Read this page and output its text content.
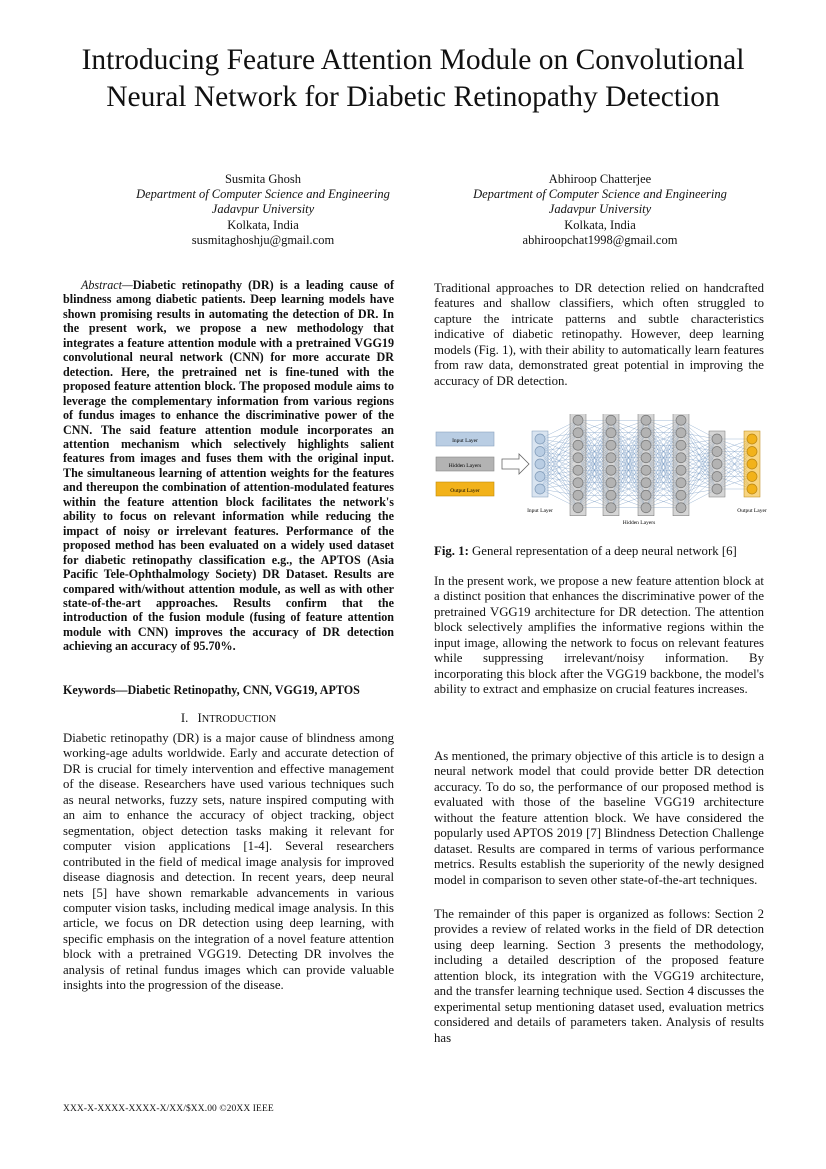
Introducing Feature Attention Module on Convolutional Neural Network for Diabetic Retinopathy Detection
Susmita Ghosh
Department of Computer Science and Engineering
Jadavpur University
Kolkata, India
susmitaghoshju@gmail.com
Abhiroop Chatterjee
Department of Computer Science and Engineering
Jadavpur University
Kolkata, India
abhiroopchat1998@gmail.com

Abstract—Diabetic retinopathy (DR) is a leading cause of blindness among diabetic patients. Deep learning models have shown promising results in automating the detection of DR. In the present work, we propose a new methodology that integrates a feature attention module with a pretrained VGG19 convolutional neural network (CNN) for more accurate DR detection. Here, the pretrained net is fine-tuned with the proposed feature attention block. The proposed module aims to leverage the complementary information from various regions of fundus images to enhance the discriminative power of the CNN. The said feature attention module incorporates an attention mechanism which selectively highlights salient features from images and fuses them with the original input. The simultaneous learning of attention weights for the features and thereupon the combination of attention-modulated features within the feature attention block facilitates the network's ability to focus on relevant information while reducing the impact of noisy or irrelevant features. Performance of the proposed method has been evaluated on a widely used dataset for diabetic retinopathy classification e.g., the APTOS (Asia Pacific Tele-Ophthalmology Society) DR Dataset. Results are compared with/without attention module, as well as with other state-of-the-art approaches. Results confirm that the introduction of the fusion module (fusing of feature attention module with CNN) improves the accuracy of DR detection achieving an accuracy of 95.70%.

Keywords—Diabetic Retinopathy, CNN, VGG19, APTOS
I. INTRODUCTION

Diabetic retinopathy (DR) is a major cause of blindness among working-age adults worldwide. Early and accurate detection of DR is crucial for timely intervention and effective management of the disease. Researchers have used various techniques such as neural networks, fuzzy sets, nature inspired computing with an aim to enhance the accuracy of object tracking, object segmentation, object detection tasks making it relevant for computer vision applications [1-4]. Several researchers contributed in the field of medical image analysis for improved disease diagnosis and detection. In recent years, deep neural nets [5] have shown remarkable advancements in various computer vision tasks, including medical image analysis. In this article, we focus on DR detection using deep learning, with specific emphasis on the integration of a novel feature attention block with a pretrained VGG19. Detecting DR involves the analysis of retinal fundus images which can provide valuable insights into the progression of the disease.

Traditional approaches to DR detection relied on handcrafted features and shallow classifiers, which often struggled to capture the intricate patterns and subtle characteristics indicative of diabetic retinopathy. However, deep learning models (Fig. 1), with their ability to automatically learn features from raw data, demonstrated great potential in improving the accuracy of DR detection.

Input Layer
Hidden Layers
Output Layer
Input Layer
Hidden Layers
Output Layer
Fig. 1: General representation of a deep neural network [6]

In the present work, we propose a new feature attention block at a distinct position that enhances the discriminative power of the pretrained VGG19 architecture for DR detection. The attention block selectively amplifies the informative regions within the input image, allowing the network to focus on relevant features while suppressing irrelevant/noisy information. By incorporating this block after the VGG19 backbone, the model's ability to extract and emphasize on crucial features increases.

As mentioned, the primary objective of this article is to design a neural network model that could provide better DR detection accuracy. To do so, the performance of our proposed method is evaluated with those of the baseline VGG19 architecture without the feature attention block. We have considered the popularly used APTOS 2019 [7] Blindness Detection Challenge dataset. Results are compared in terms of various performance metrics. Results establish the superiority of the newly designed model in comparison to seven other state-of-the-art techniques.

The remainder of this paper is organized as follows: Section 2 provides a review of related works in the field of DR detection using deep learning. Section 3 presents the methodology, including a detailed description of the proposed feature attention block, its integration with the VGG19 architecture, and the transfer learning technique used. Section 4 discusses the experimental setup mentioning dataset used, evaluation metrics considered and details of parameters taken. Analysis of results has

XXX-X-XXXX-XXXX-X/XX/$XX.00 ©20XX IEEE
